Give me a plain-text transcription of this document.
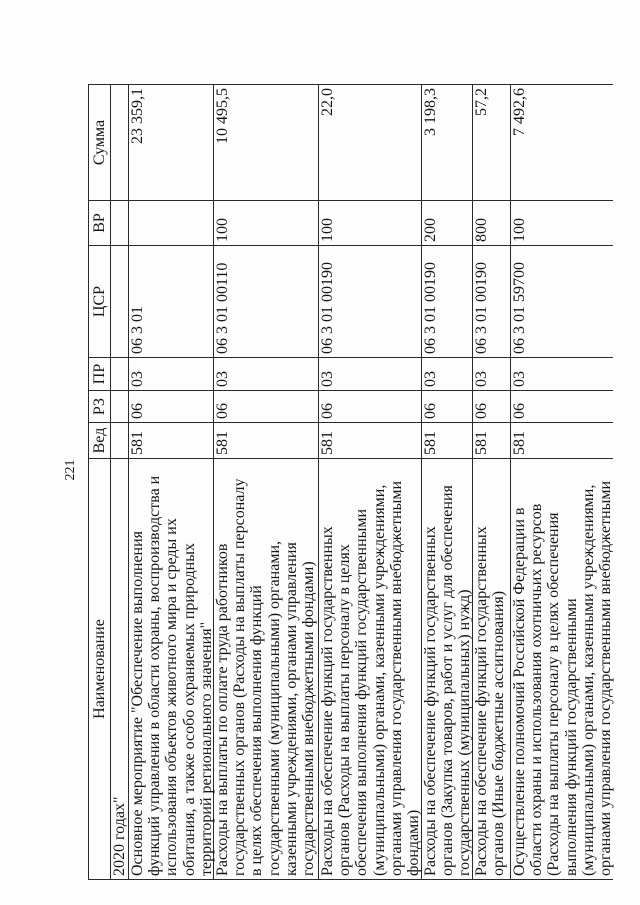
221
Наименование
Вед
РЗ
ПР
ЦСР
ВР
Сумма
2020 годах" Основное мероприятие "Обеспечение выполнения функций управления в области охраны, воспроизводства и использования объектов животного мира и среды их обитания, а также особо охраняемых природных территорий регионального значения"
581
06
03
06 3 01
23 359,1
Расходы на выплаты по оплате труда работников государственных органов (Расходы на выплаты персоналу в целях обеспечения выполнения функций государственными (муниципальными) органами, казенными учреждениями, органами управления государственными внебюджетными фондами)
581
06
03
06 3 01 00110
100
10 495,5
Расходы на обеспечение функций государственных органов (Расходы на выплаты персоналу в целях обеспечения выполнения функций государственными (муниципальными) органами, казенными учреждениями, органами управления государственными внебюджетными фондами)
581
06
03
06 3 01 00190
100
22,0
Расходы на обеспечение функций государственных органов (Закупка товаров, работ и услуг для обеспечения государственных (муниципальных) нужд)
581
06
03
06 3 01 00190
200
3 198,3
Расходы на обеспечение функций государственных органов (Иные бюджетные ассигнования)
581
06
03
06 3 01 00190
800
57,2
Осуществление полномочий Российской Федерации в области охраны и использования охотничьих ресурсов (Расходы на выплаты персоналу в целях обеспечения выполнения функций государственными (муниципальными) органами, казенными учреждениями, органами управления государственными внебюджетными
581
06
03
06 3 01 59700
100
7 492,6
